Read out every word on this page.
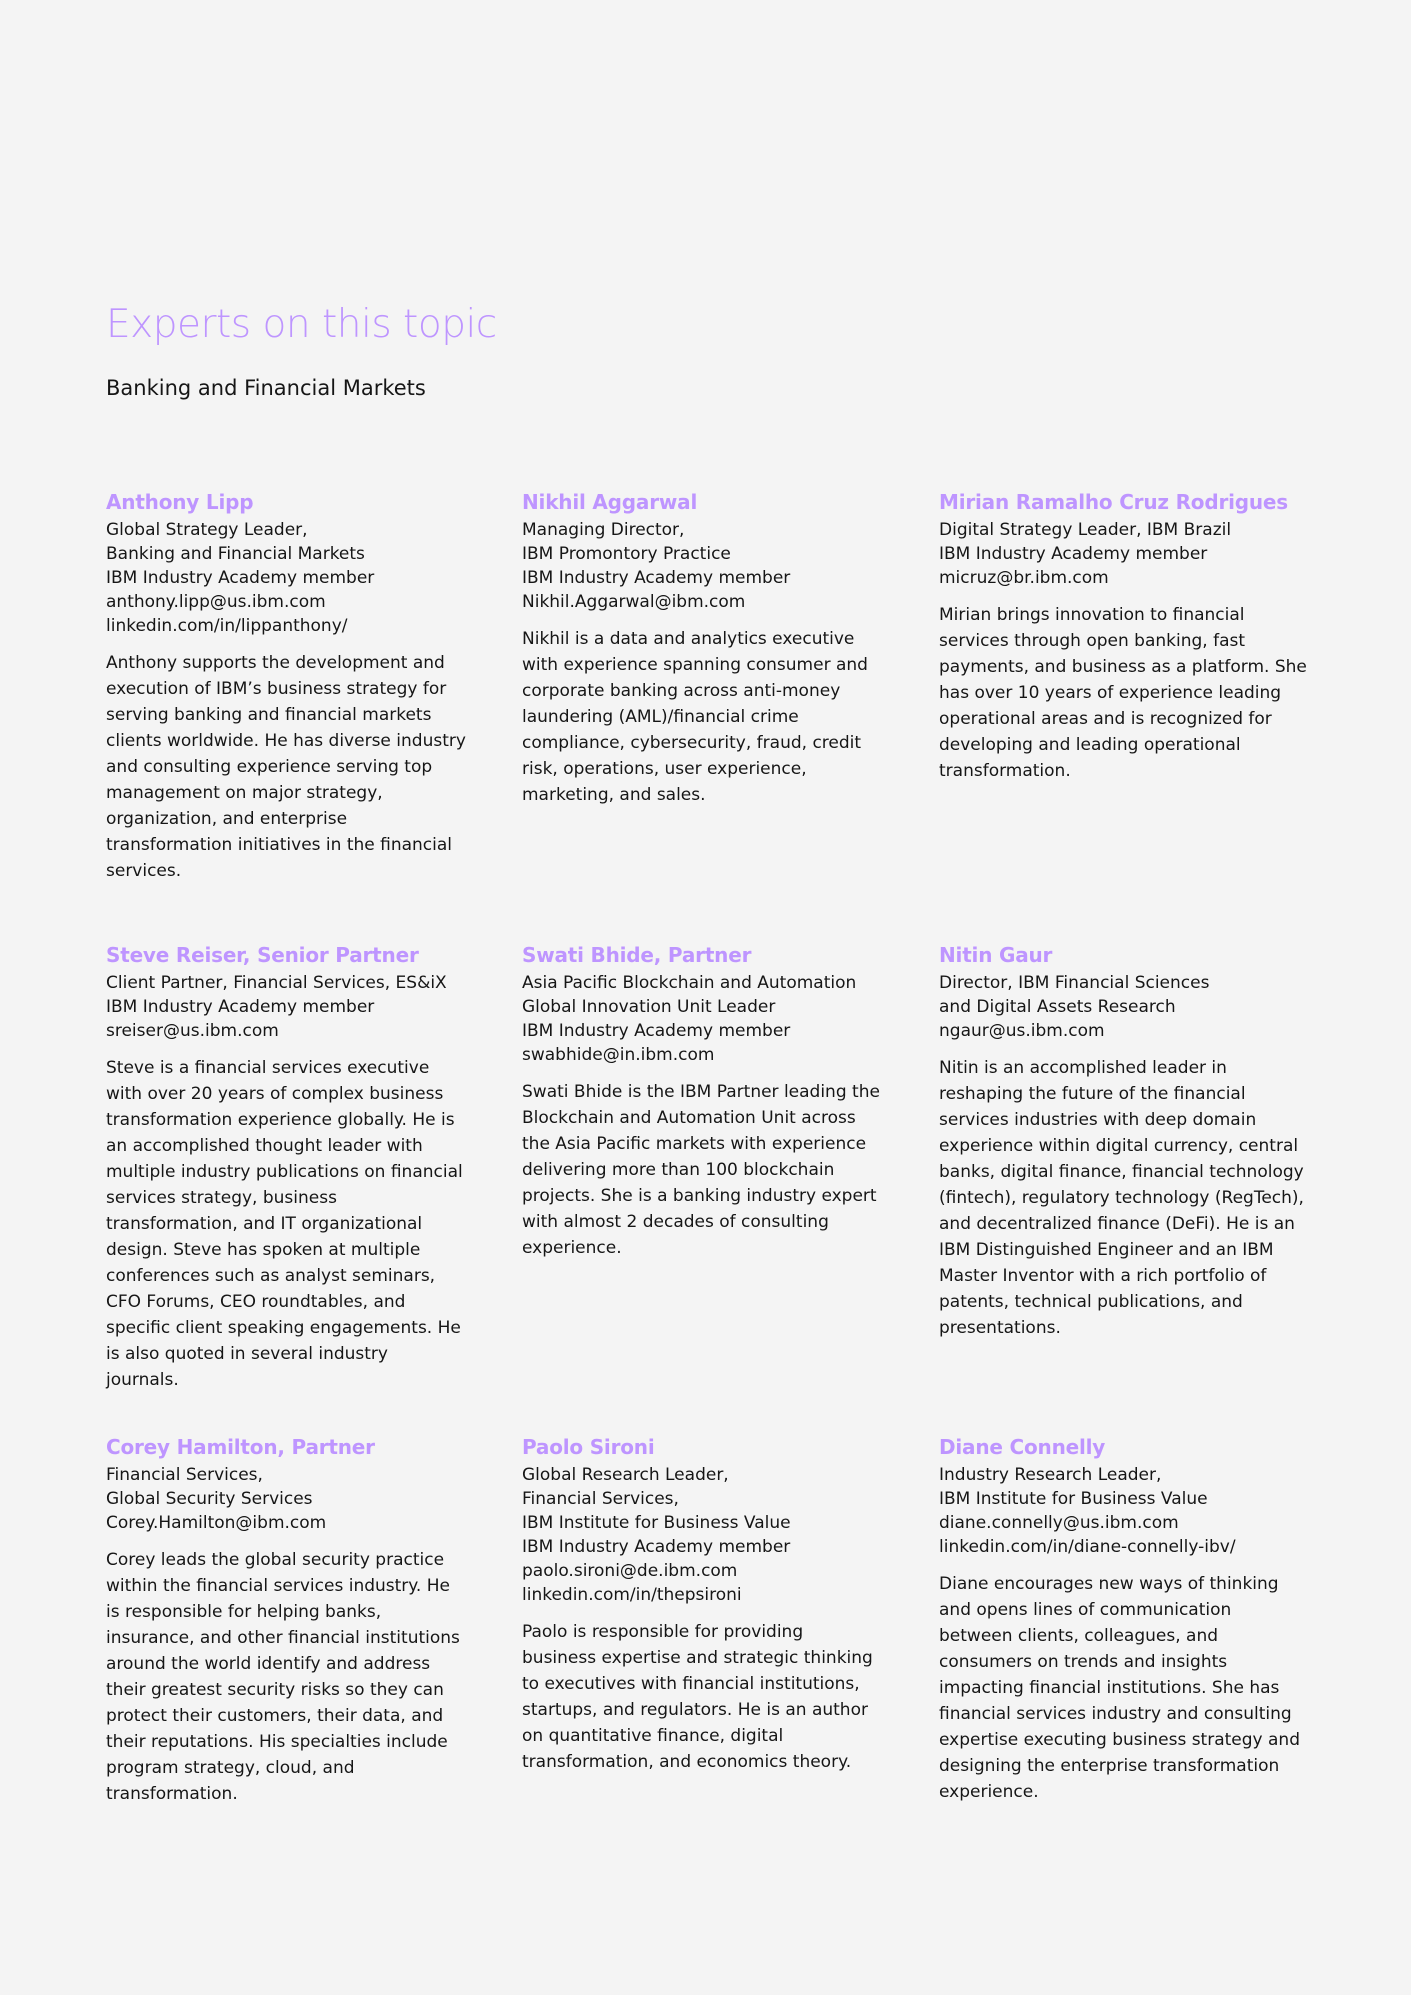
Experts on this topic
Banking and Financial Markets
Anthony Lipp
Global Strategy Leader,
Banking and Financial Markets
IBM Industry Academy member
anthony.lipp@us.ibm.com
linkedin.com/in/lippanthony/

Anthony supports the development and execution of IBM’s business strategy for serving banking and financial markets clients worldwide. He has diverse industry and consulting experience serving top management on major strategy, organization, and enterprise transformation initiatives in the financial services.

Nikhil Aggarwal
Managing Director,
IBM Promontory Practice
IBM Industry Academy member
Nikhil.Aggarwal@ibm.com

Nikhil is a data and analytics executive with experience spanning consumer and corporate banking across anti-money laundering (AML)/financial crime compliance, cybersecurity, fraud, credit risk, operations, user experience, marketing, and sales.

Mirian Ramalho Cruz Rodrigues
Digital Strategy Leader, IBM Brazil
IBM Industry Academy member
micruz@br.ibm.com

Mirian brings innovation to financial services through open banking, fast payments, and business as a platform. She has over 10 years of experience leading operational areas and is recognized for developing and leading operational transformation.

Steve Reiser, Senior Partner
Client Partner, Financial Services, ES&iX
IBM Industry Academy member
sreiser@us.ibm.com

Steve is a financial services executive with over 20 years of complex business transformation experience globally. He is an accomplished thought leader with multiple industry publications on financial services strategy, business transformation, and IT organizational design. Steve has spoken at multiple conferences such as analyst seminars, CFO Forums, CEO roundtables, and specific client speaking engagements. He is also quoted in several industry journals.

Swati Bhide, Partner
Asia Pacific Blockchain and Automation
Global Innovation Unit Leader
IBM Industry Academy member
swabhide@in.ibm.com

Swati Bhide is the IBM Partner leading the Blockchain and Automation Unit across the Asia Pacific markets with experience delivering more than 100 blockchain projects. She is a banking industry expert with almost 2 decades of consulting experience.

Nitin Gaur
Director, IBM Financial Sciences
and Digital Assets Research
ngaur@us.ibm.com

Nitin is an accomplished leader in reshaping the future of the financial services industries with deep domain experience within digital currency, central banks, digital finance, financial technology (fintech), regulatory technology (RegTech), and decentralized finance (DeFi). He is an IBM Distinguished Engineer and an IBM Master Inventor with a rich portfolio of patents, technical publications, and presentations.

Corey Hamilton, Partner
Financial Services,
Global Security Services
Corey.Hamilton@ibm.com

Corey leads the global security practice within the financial services industry. He is responsible for helping banks, insurance, and other financial institutions around the world identify and address their greatest security risks so they can protect their customers, their data, and their reputations. His specialties include program strategy, cloud, and transformation.

Paolo Sironi
Global Research Leader,
Financial Services,
IBM Institute for Business Value
IBM Industry Academy member
paolo.sironi@de.ibm.com
linkedin.com/in/thepsironi

Paolo is responsible for providing business expertise and strategic thinking to executives with financial institutions, startups, and regulators. He is an author on quantitative finance, digital transformation, and economics theory.

Diane Connelly
Industry Research Leader,
IBM Institute for Business Value
diane.connelly@us.ibm.com
linkedin.com/in/diane-connelly-ibv/

Diane encourages new ways of thinking and opens lines of communication between clients, colleagues, and consumers on trends and insights impacting financial institutions. She has financial services industry and consulting expertise executing business strategy and designing the enterprise transformation experience.
